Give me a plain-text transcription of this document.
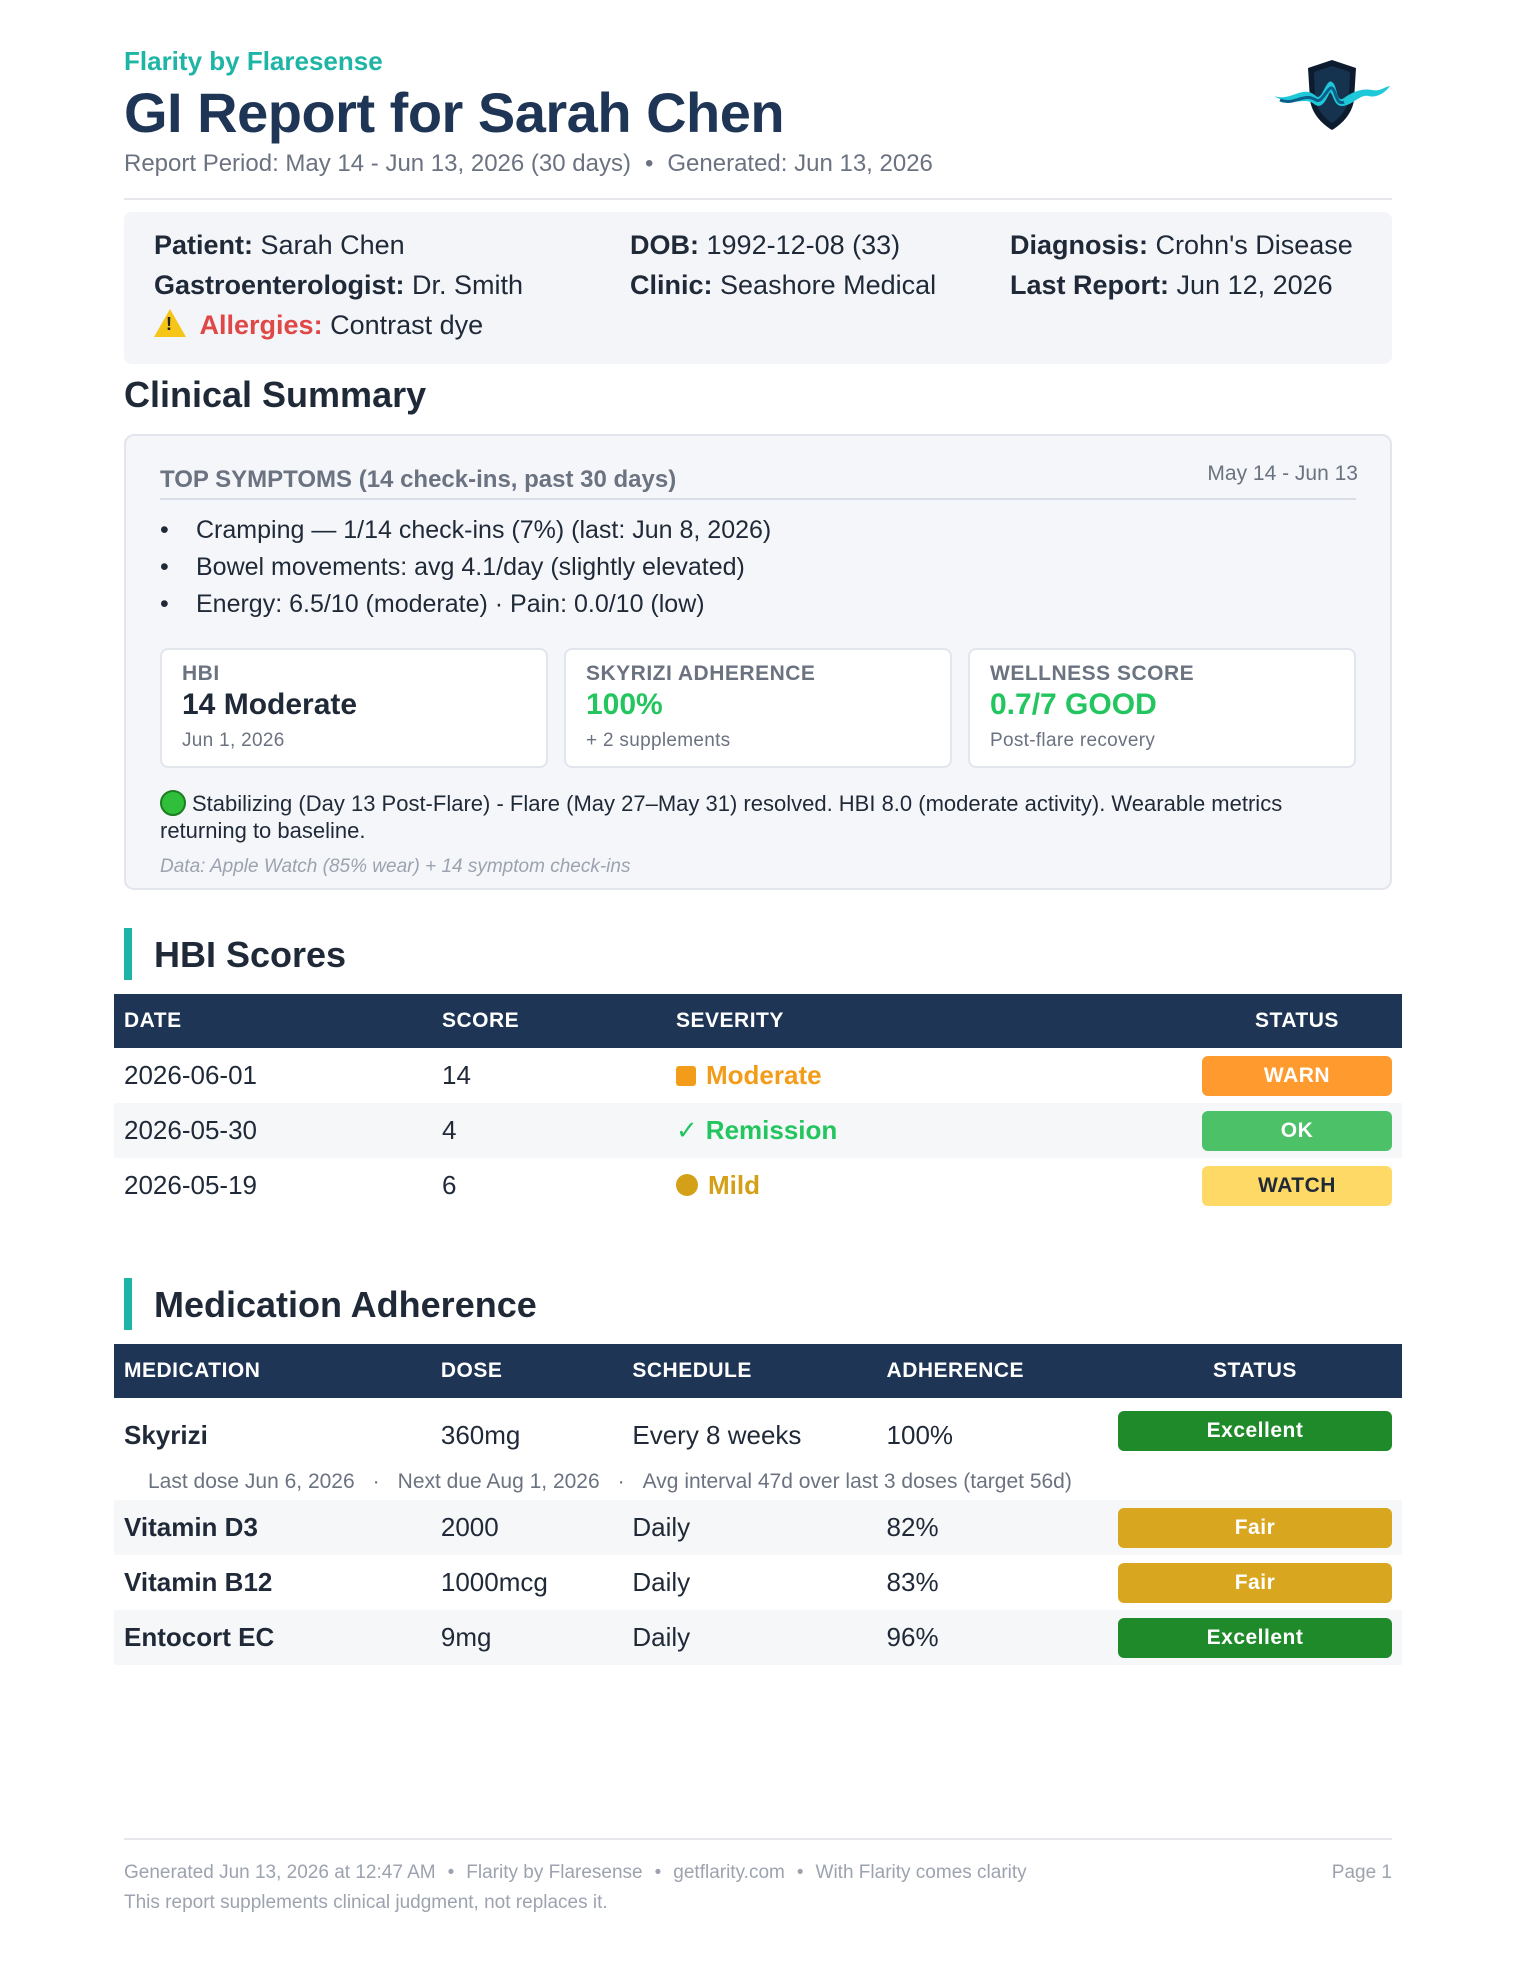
Flarity by Flaresense
GI Report for Sarah Chen
Report Period: May 14 - Jun 13, 2026 (30 days) • Generated: Jun 13, 2026
Patient: Sarah Chen	DOB: 1992-12-08 (33)	Diagnosis: Crohn's Disease
Gastroenterologist: Dr. Smith	Clinic: Seashore Medical	Last Report: Jun 12, 2026
! Allergies: Contrast dye
Clinical Summary
TOP SYMPTOMS (14 check-ins, past 30 days)	May 14 - Jun 13
• Cramping — 1/14 check-ins (7%) (last: Jun 8, 2026)
• Bowel movements: avg 4.1/day (slightly elevated)
• Energy: 6.5/10 (moderate) · Pain: 0.0/10 (low)
HBI
14 Moderate
Jun 1, 2026
SKYRIZI ADHERENCE
100%
+ 2 supplements
WELLNESS SCORE
0.7/7 GOOD
Post-flare recovery
Stabilizing (Day 13 Post-Flare) - Flare (May 27–May 31) resolved. HBI 8.0 (moderate activity). Wearable metrics returning to baseline.
Data: Apple Watch (85% wear) + 14 symptom check-ins
HBI Scores
DATE	SCORE	SEVERITY	STATUS
2026-06-01	14	Moderate	WARN
2026-05-30	4	✓ Remission	OK
2026-05-19	6	Mild	WATCH
Medication Adherence
MEDICATION	DOSE	SCHEDULE	ADHERENCE	STATUS
Skyrizi	360mg	Every 8 weeks	100%	Excellent
Last dose Jun 6, 2026 · Next due Aug 1, 2026 · Avg interval 47d over last 3 doses (target 56d)				
Vitamin D3	2000	Daily	82%	Fair
Vitamin B12	1000mcg	Daily	83%	Fair
Entocort EC	9mg	Daily	96%	Excellent
Generated Jun 13, 2026 at 12:47 AM • Flarity by Flaresense • getflarity.com • With Flarity comes clarity
This report supplements clinical judgment, not replaces it.
Page 1
